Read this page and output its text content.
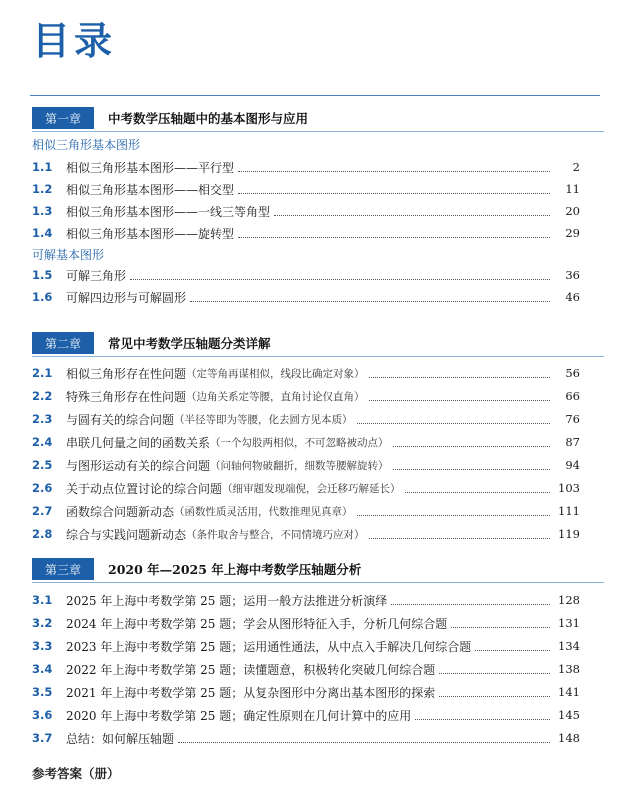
目录
第一章	中考数学压轴题中的基本图形与应用
相似三角形基本图形
1.1	相似三角形基本图形——平行型	2
1.2	相似三角形基本图形——相交型	11
1.3	相似三角形基本图形——一线三等角型	20
1.4	相似三角形基本图形——旋转型	29
可解基本图形
1.5	可解三角形	36
1.6	可解四边形与可解圆形	46
第二章	常见中考数学压轴题分类详解
2.1	相似三角形存在性问题 （定等角再谋相似，线段比确定对象）	56
2.2	特殊三角形存在性问题 （边角关系定等腰，直角讨论仅直角）	66
2.3	与圆有关的综合问题 （半径等即为等腰，化去圆方见本质）	76
2.4	串联几何量之间的函数关系 （一个勾股两相似，不可忽略被动点）	87
2.5	与图形运动有关的综合问题 （问轴何物破翻折，细数等腰解旋转）	94
2.6	关于动点位置讨论的综合问题 （细审题发现端倪，会迁移巧解延长）	103
2.7	函数综合问题新动态 （函数性质灵活用，代数推理见真章）	111
2.8	综合与实践问题新动态 （条件取舍与整合，不同情境巧应对）	119
第三章	2020 年—2025 年上海中考数学压轴题分析
3.1	2025 年上海中考数学第 25 题；运用一般方法推进分析演绎	128
3.2	2024 年上海中考数学第 25 题；学会从图形特征入手，分析几何综合题	131
3.3	2023 年上海中考数学第 25 题；运用通性通法，从中点入手解决几何综合题	134
3.4	2022 年上海中考数学第 25 题；读懂题意，积极转化突破几何综合题	138
3.5	2021 年上海中考数学第 25 题；从复杂图形中分离出基本图形的探索	141
3.6	2020 年上海中考数学第 25 题；确定性原则在几何计算中的应用	145
3.7	总结：如何解压轴题	148
参考答案（册）
